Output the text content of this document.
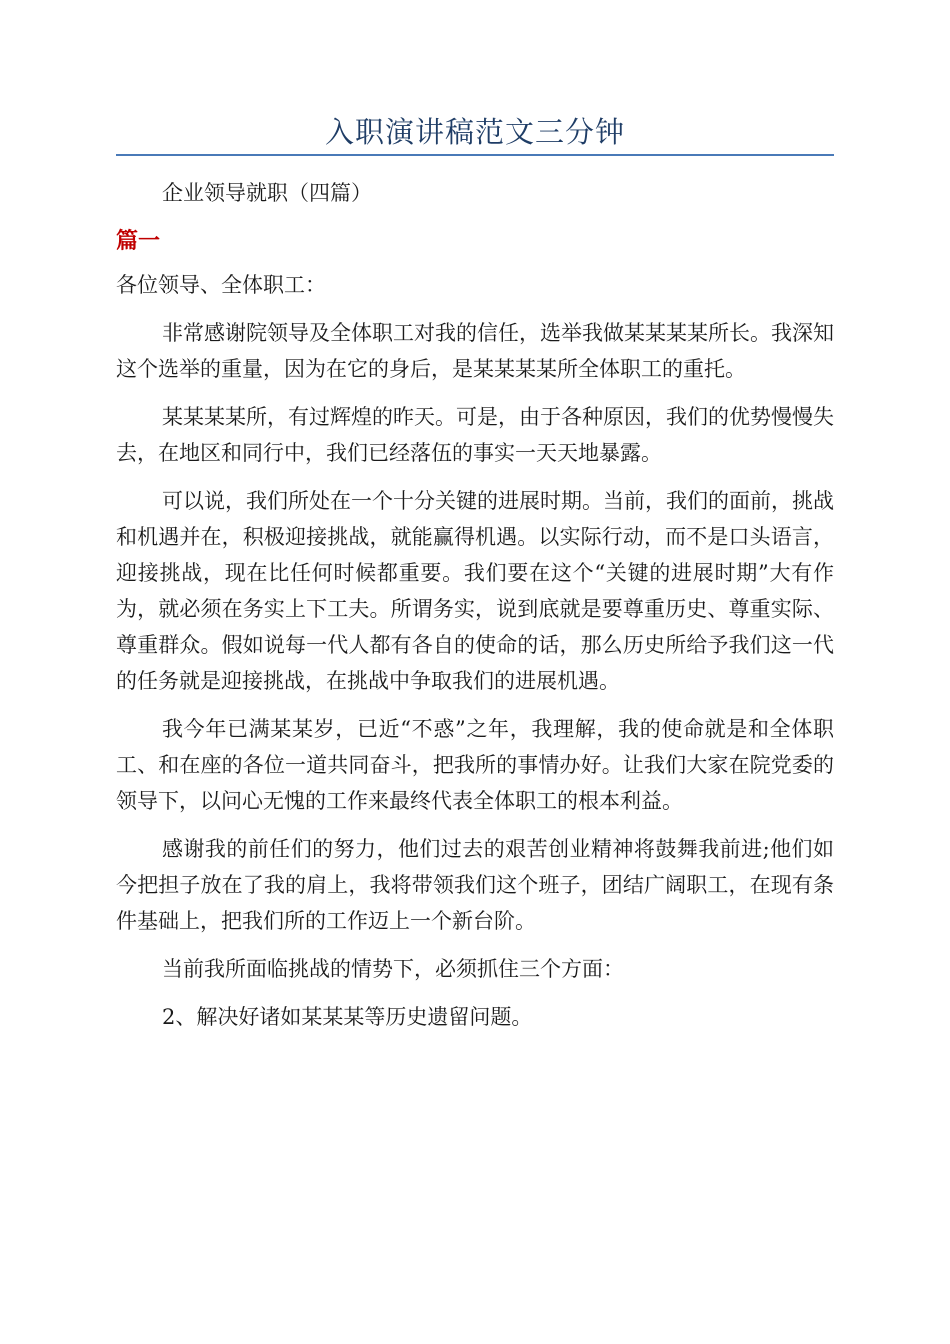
入职演讲稿范文三分钟

企业领导就职（四篇）

篇一

各位领导、全体职工：

非常感谢院领导及全体职工对我的信任，选举我做某某某某所长。我深知这个选举的重量，因为在它的身后，是某某某某所全体职工的重托。

某某某某所，有过辉煌的昨天。可是，由于各种原因，我们的优势慢慢失去，在地区和同行中，我们已经落伍的事实一天天地暴露。

可以说，我们所处在一个十分关键的进展时期。当前，我们的面前，挑战和机遇并在，积极迎接挑战，就能赢得机遇。以实际行动，而不是口头语言，迎接挑战，现在比任何时候都重要。我们要在这个“关键的进展时期”大有作为，就必须在务实上下工夫。所谓务实，说到底就是要尊重历史、尊重实际、尊重群众。假如说每一代人都有各自的使命的话，那么历史所给予我们这一代的任务就是迎接挑战，在挑战中争取我们的进展机遇。

我今年已满某某岁，已近“不惑”之年，我理解，我的使命就是和全体职工、和在座的各位一道共同奋斗，把我所的事情办好。让我们大家在院党委的领导下，以问心无愧的工作来最终代表全体职工的根本利益。

感谢我的前任们的努力，他们过去的艰苦创业精神将鼓舞我前进;他们如今把担子放在了我的肩上，我将带领我们这个班子，团结广阔职工，在现有条件基础上，把我们所的工作迈上一个新台阶。

当前我所面临挑战的情势下，必须抓住三个方面：

2、解决好诸如某某某等历史遗留问题。
